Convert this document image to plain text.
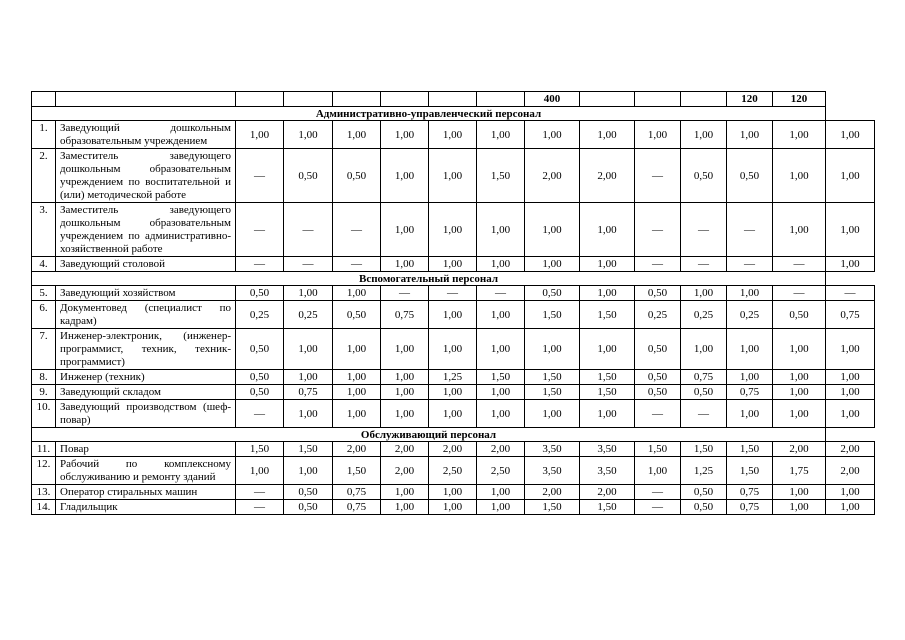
								400				120	120	
Административно-управленческий персонал														
1.	Заведующий дошкольным образовательным учреждением	1,00	1,00	1,00	1,00	1,00	1,00	1,00	1,00	1,00	1,00	1,00	1,00	1,00
2.	Заместитель заведующего дошкольным образовательным учреждением по воспитательной и (или) методической работе	—	0,50	0,50	1,00	1,00	1,50	2,00	2,00	—	0,50	0,50	1,00	1,00
3.	Заместитель заведующего дошкольным образовательным учреждением по административно-хозяйственной работе	—	—	—	1,00	1,00	1,00	1,00	1,00	—	—	—	1,00	1,00
4.	Заведующий столовой	—	—	—	1,00	1,00	1,00	1,00	1,00	—	—	—	—	1,00
Вспомогательный персонал														
5.	Заведующий хозяйством	0,50	1,00	1,00	—	—	—	0,50	1,00	0,50	1,00	1,00	—	—
6.	Документовед (специалист по кадрам)	0,25	0,25	0,50	0,75	1,00	1,00	1,50	1,50	0,25	0,25	0,25	0,50	0,75
7.	Инженер-электроник, (инженер-программист, техник, техник-программист)	0,50	1,00	1,00	1,00	1,00	1,00	1,00	1,00	0,50	1,00	1,00	1,00	1,00
8.	Инженер (техник)	0,50	1,00	1,00	1,00	1,25	1,50	1,50	1,50	0,50	0,75	1,00	1,00	1,00
9.	Заведующий складом	0,50	0,75	1,00	1,00	1,00	1,00	1,50	1,50	0,50	0,50	0,75	1,00	1,00
10.	Заведующий производством (шеф-повар)	—	1,00	1,00	1,00	1,00	1,00	1,00	1,00	—	—	1,00	1,00	1,00
Обслуживающий персонал														
11.	Повар	1,50	1,50	2,00	2,00	2,00	2,00	3,50	3,50	1,50	1,50	1,50	2,00	2,00
12.	Рабочий по комплексному обслуживанию и ремонту зданий	1,00	1,00	1,50	2,00	2,50	2,50	3,50	3,50	1,00	1,25	1,50	1,75	2,00
13.	Оператор стиральных машин	—	0,50	0,75	1,00	1,00	1,00	2,00	2,00	—	0,50	0,75	1,00	1,00
14.	Гладильщик	—	0,50	0,75	1,00	1,00	1,00	1,50	1,50	—	0,50	0,75	1,00	1,00
